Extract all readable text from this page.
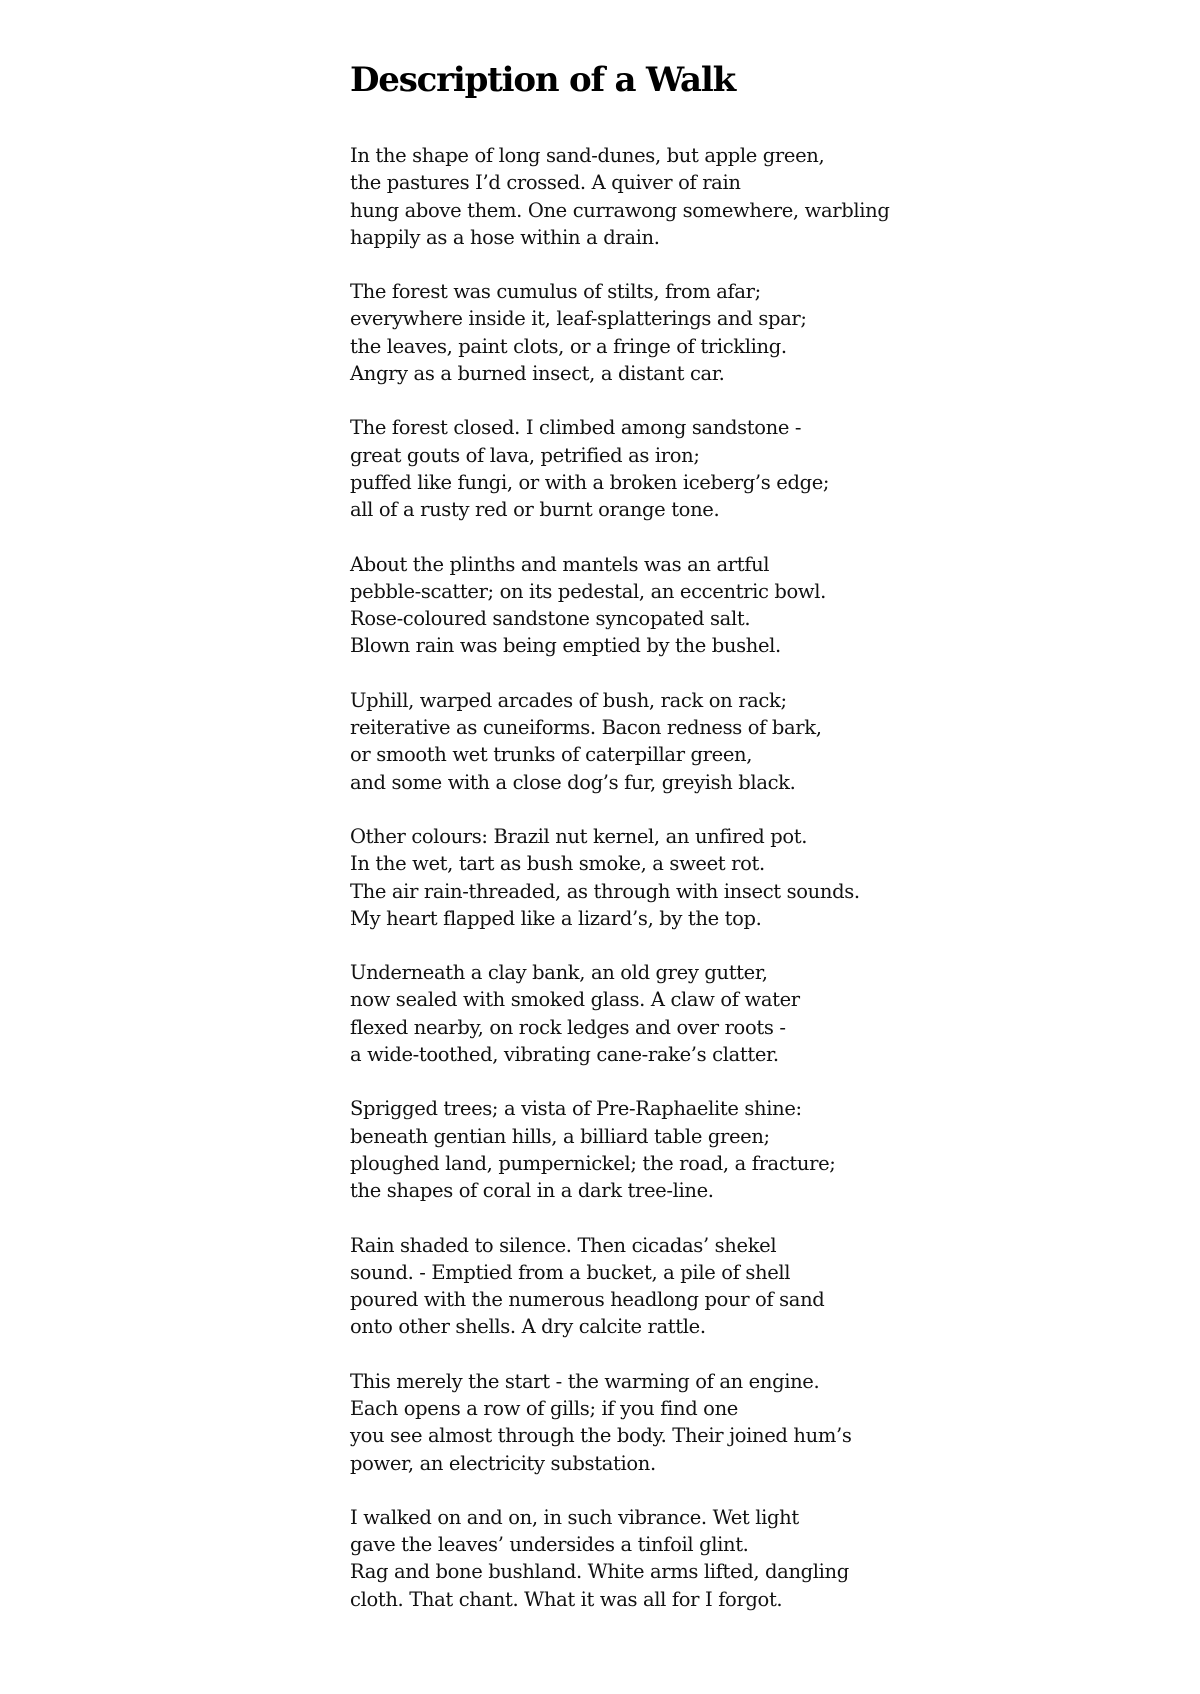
Description of a Walk
In the shape of long sand-dunes, but apple green,
the pastures I’d crossed. A quiver of rain
hung above them. One currawong somewhere, warbling
happily as a hose within a drain.
The forest was cumulus of stilts, from afar;
everywhere inside it, leaf-splatterings and spar;
the leaves, paint clots, or a fringe of trickling.
Angry as a burned insect, a distant car.
The forest closed. I climbed among sandstone -
great gouts of lava, petrified as iron;
puffed like fungi, or with a broken iceberg’s edge;
all of a rusty red or burnt orange tone.
About the plinths and mantels was an artful
pebble-scatter; on its pedestal, an eccentric bowl.
Rose-coloured sandstone syncopated salt.
Blown rain was being emptied by the bushel.
Uphill, warped arcades of bush, rack on rack;
reiterative as cuneiforms. Bacon redness of bark,
or smooth wet trunks of caterpillar green,
and some with a close dog’s fur, greyish black.
Other colours: Brazil nut kernel, an unfired pot.
In the wet, tart as bush smoke, a sweet rot.
The air rain-threaded, as through with insect sounds.
My heart flapped like a lizard’s, by the top.
Underneath a clay bank, an old grey gutter,
now sealed with smoked glass. A claw of water
flexed nearby, on rock ledges and over roots -
a wide-toothed, vibrating cane-rake’s clatter.
Sprigged trees; a vista of Pre-Raphaelite shine:
beneath gentian hills, a billiard table green;
ploughed land, pumpernickel; the road, a fracture;
the shapes of coral in a dark tree-line.
Rain shaded to silence. Then cicadas’ shekel
sound. - Emptied from a bucket, a pile of shell
poured with the numerous headlong pour of sand
onto other shells. A dry calcite rattle.
This merely the start - the warming of an engine.
Each opens a row of gills; if you find one
you see almost through the body. Their joined hum’s
power, an electricity substation.
I walked on and on, in such vibrance. Wet light
gave the leaves’ undersides a tinfoil glint.
Rag and bone bushland. White arms lifted, dangling
cloth. That chant. What it was all for I forgot.
